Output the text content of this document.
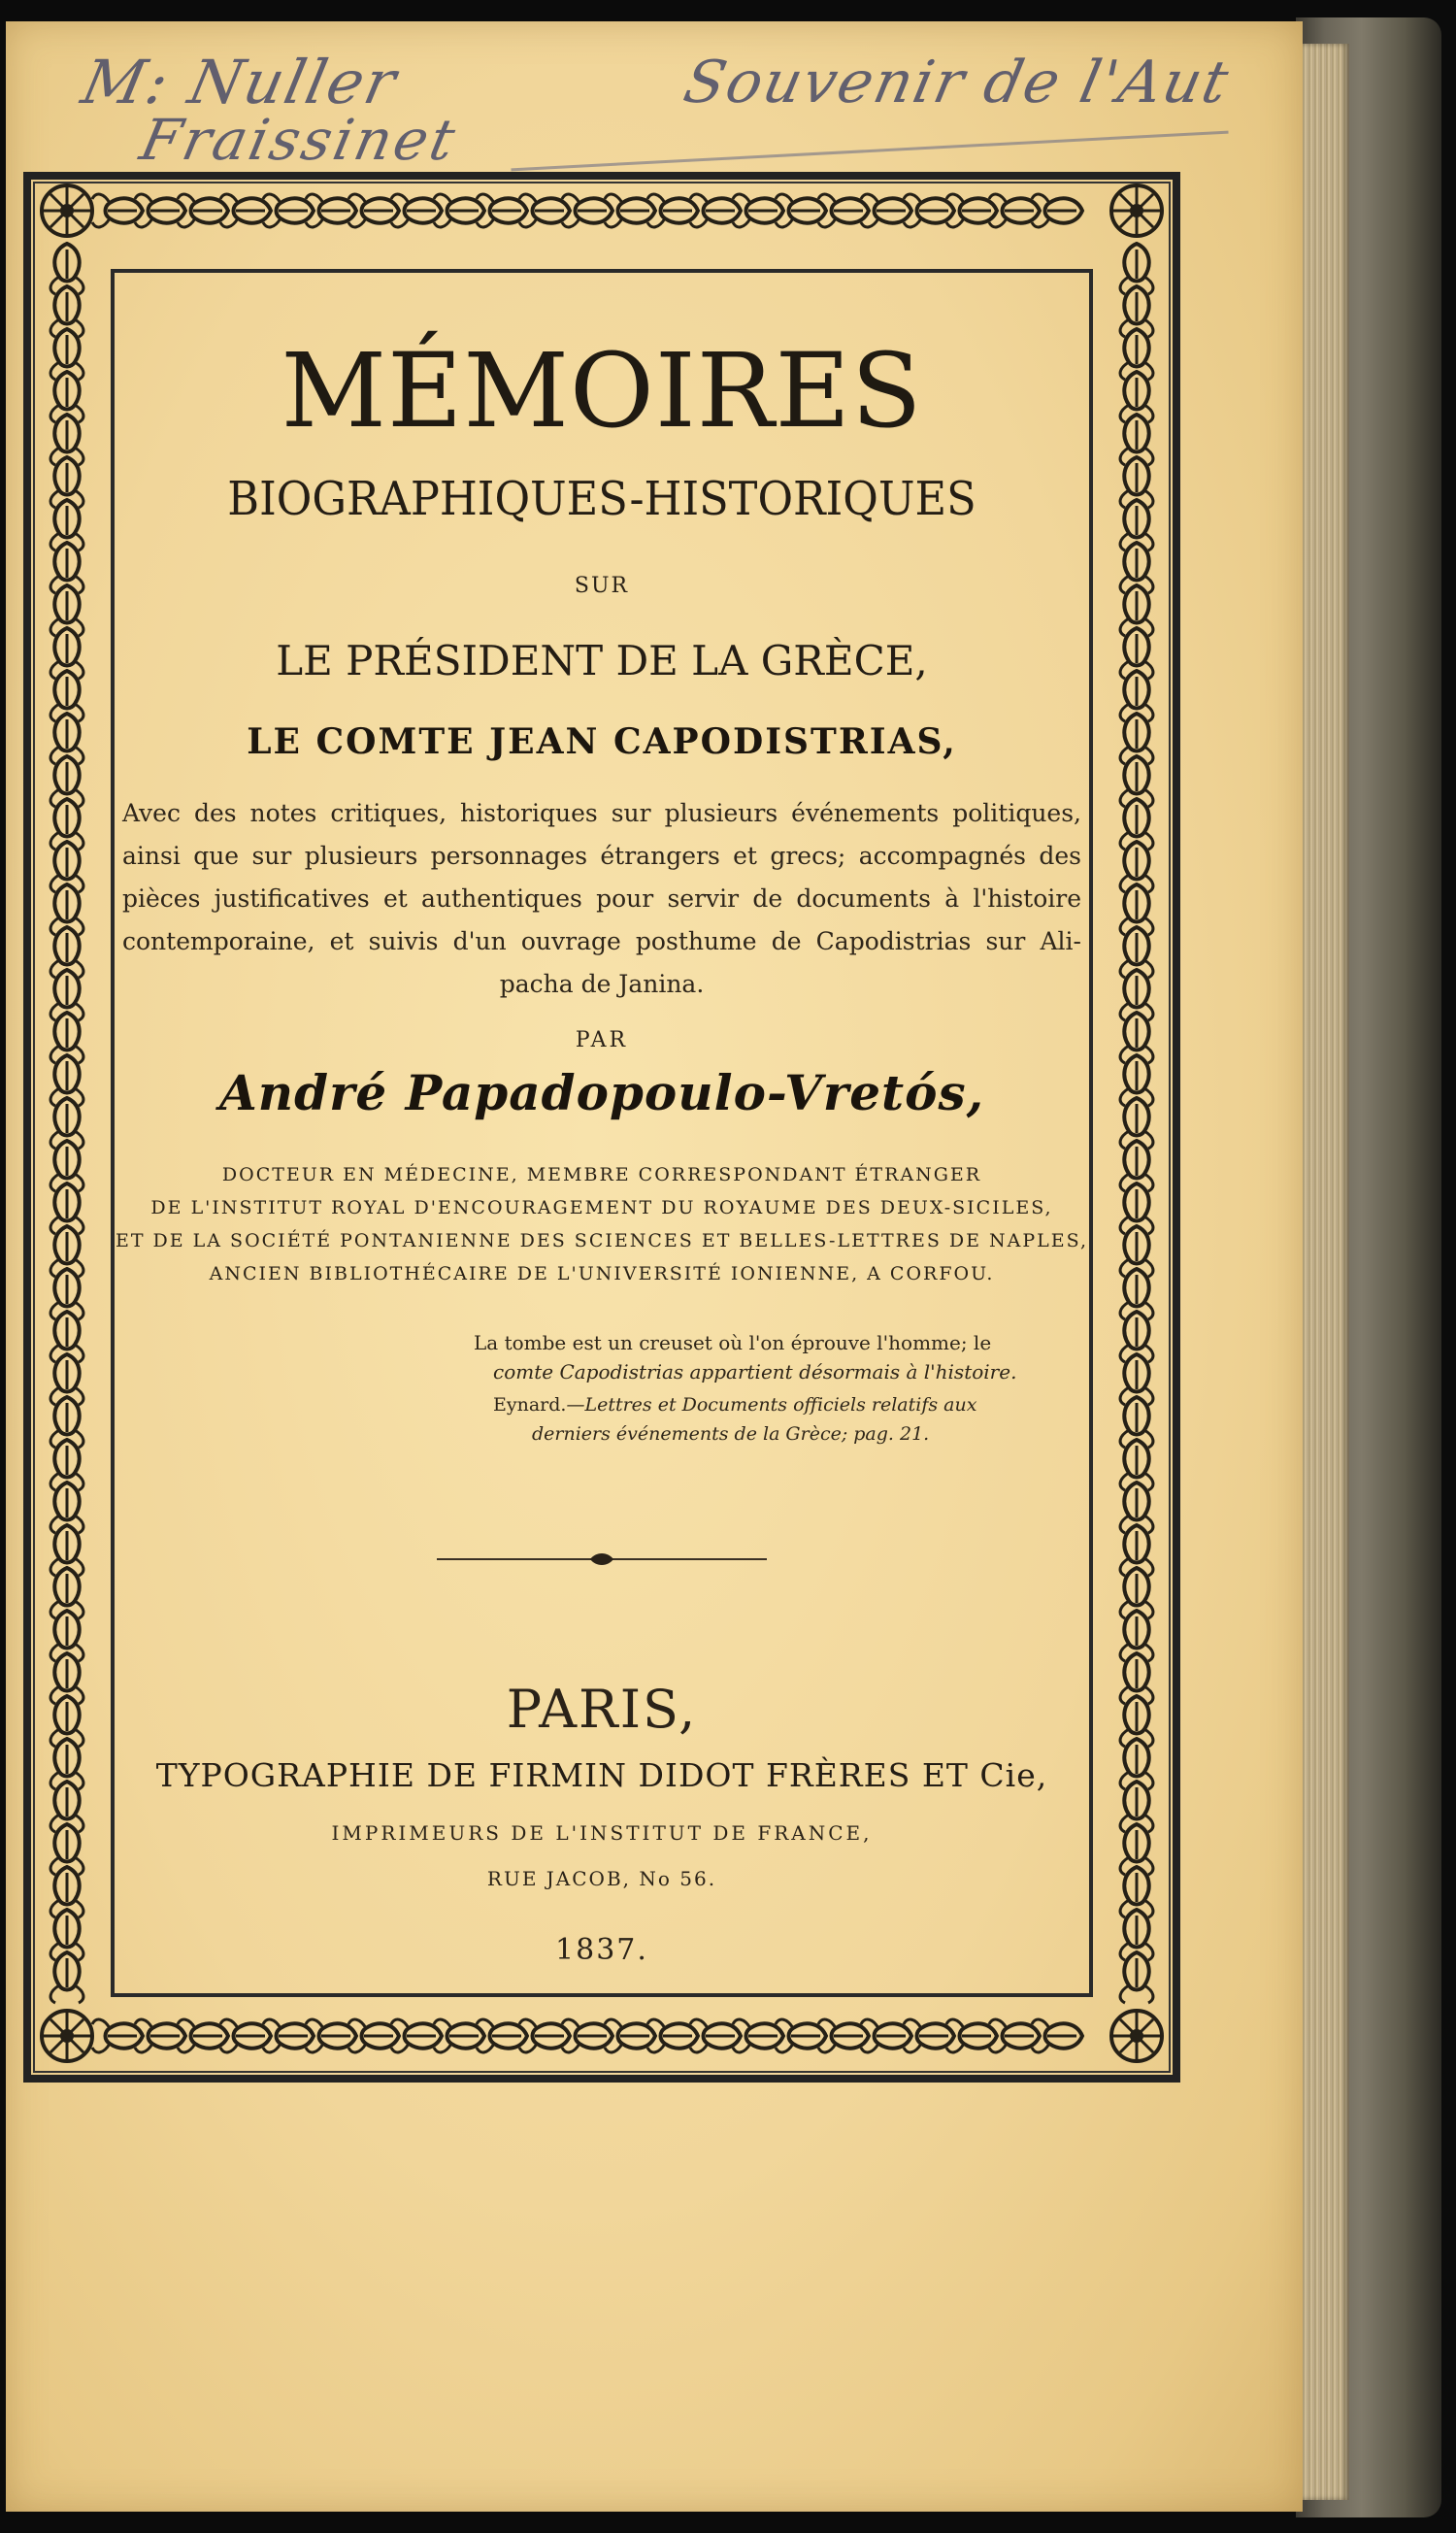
M: Nuller
Fraissinet
Souvenir de l'Aut
MÉMOIRES
BIOGRAPHIQUES-HISTORIQUES
SUR
LE PRÉSIDENT DE LA GRÈCE,
LE COMTE JEAN CAPODISTRIAS,
Avec des notes critiques, historiques sur plusieurs événements politiques, ainsi que sur plusieurs personnages étrangers et grecs; accompagnés des pièces justificatives et authentiques pour servir de documents à l'histoire contemporaine, et suivis d'un ouvrage posthume de Capodistrias sur Ali-pacha de Janina.
PAR
André Papadopoulo-Vretós,
DOCTEUR EN MÉDECINE, MEMBRE CORRESPONDANT ÉTRANGER
DE L'INSTITUT ROYAL D'ENCOURAGEMENT DU ROYAUME DES DEUX-SICILES,
ET DE LA SOCIÉTÉ PONTANIENNE DES SCIENCES ET BELLES-LETTRES DE NAPLES,
ANCIEN BIBLIOTHÉCAIRE DE L'UNIVERSITÉ IONIENNE, A CORFOU.
La tombe est un creuset où l'on éprouve l'homme; le
comte Capodistrias appartient désormais à l'histoire.
Eynard.—Lettres et Documents officiels relatifs aux
derniers événements de la Grèce; pag. 21.
PARIS,
TYPOGRAPHIE DE FIRMIN DIDOT FRÈRES ET Cie,
IMPRIMEURS DE L'INSTITUT DE FRANCE,
RUE JACOB, No 56.
1837.
